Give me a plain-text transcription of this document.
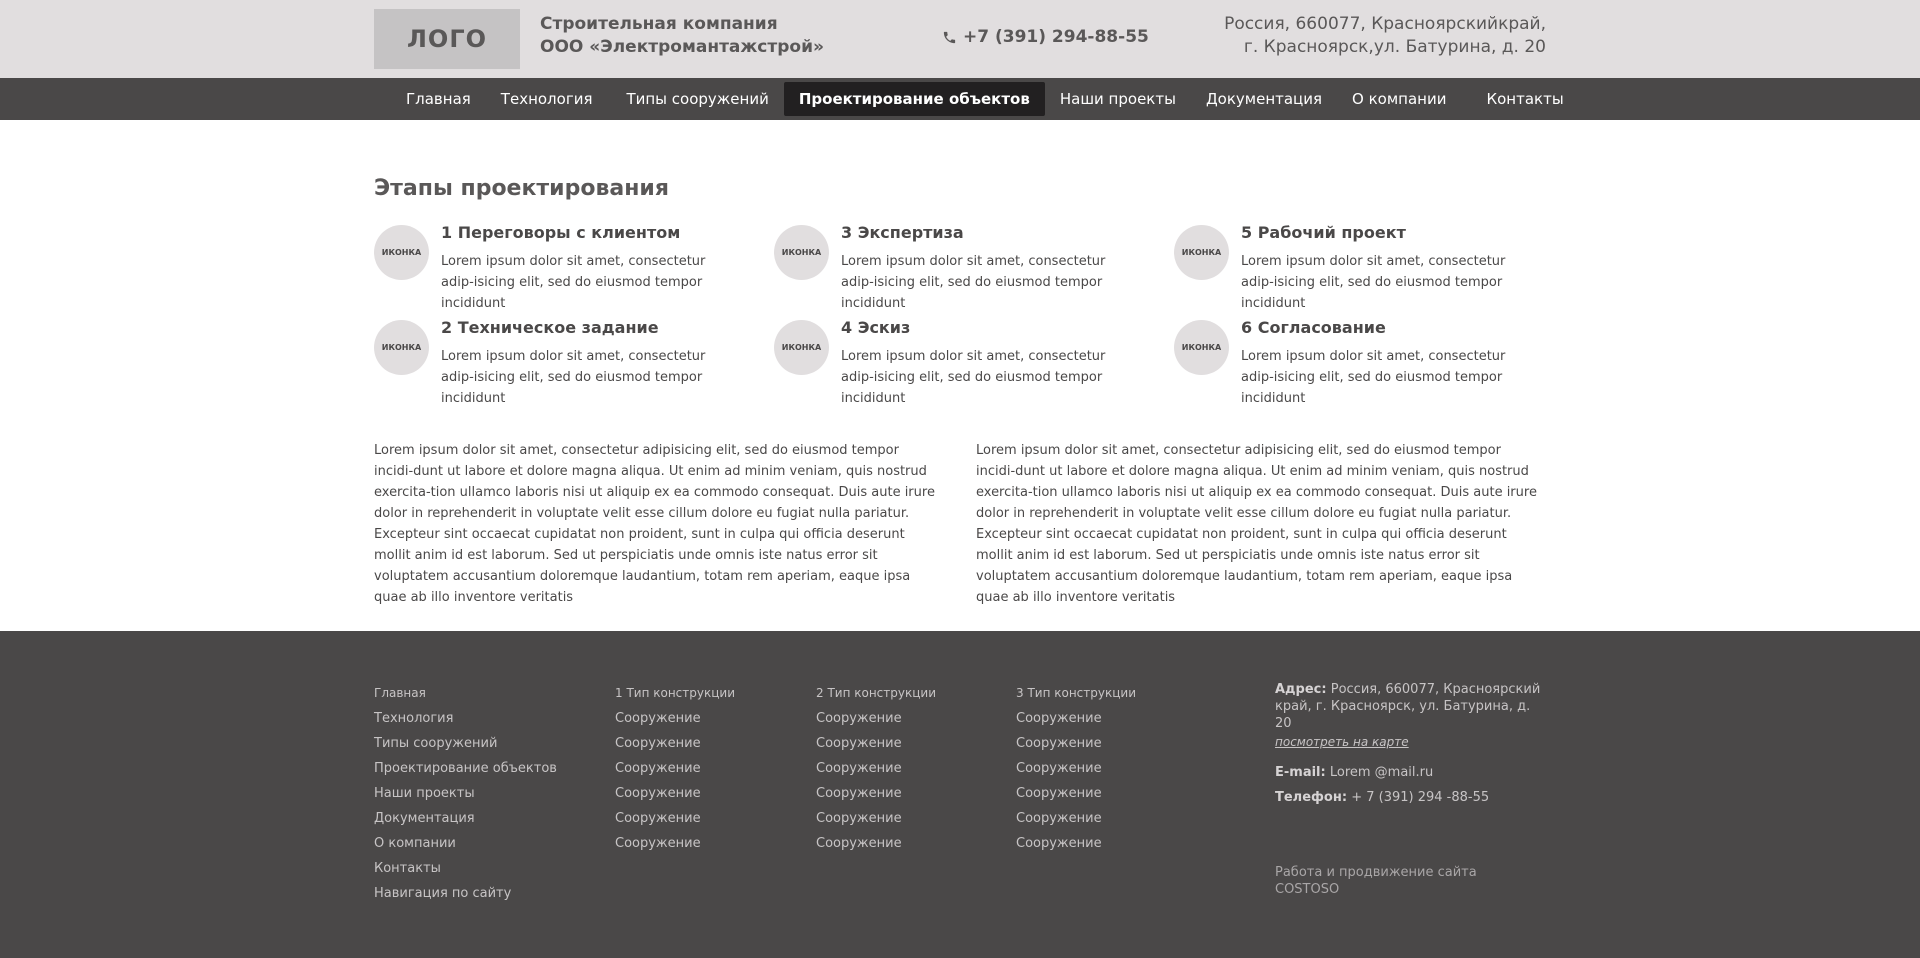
ЛОГО
Строительная компания
ООО «Электромантажстрой»	+7 (391) 294-88-55
Россия, 660077, Красноярскийкрай,
г. Красноярск,ул. Батурина, д. 20
Главная	Технология	Типы сооружений	Проектирование объектов	Наши проекты	Документация	О компании	Контакты
Этапы проектирования
ИКОНКА
1 Переговоры с клиентом
Lorem ipsum dolor sit amet, consectetur adip-isicing elit, sed do eiusmod tempor incididunt
ИКОНКА
3 Экспертиза
Lorem ipsum dolor sit amet, consectetur adip-isicing elit, sed do eiusmod tempor incididunt
ИКОНКА
5 Рабочий проект
Lorem ipsum dolor sit amet, consectetur adip-isicing elit, sed do eiusmod tempor incididunt
ИКОНКА
2 Техническое задание
Lorem ipsum dolor sit amet, consectetur adip-isicing elit, sed do eiusmod tempor incididunt
ИКОНКА
4 Эскиз
Lorem ipsum dolor sit amet, consectetur adip-isicing elit, sed do eiusmod tempor incididunt
ИКОНКА
6 Согласование
Lorem ipsum dolor sit amet, consectetur adip-isicing elit, sed do eiusmod tempor incididunt
Lorem ipsum dolor sit amet, consectetur adipisicing elit, sed do eiusmod tempor incidi-dunt ut labore et dolore magna aliqua. Ut enim ad minim veniam, quis nostrud exercita-tion ullamco laboris nisi ut aliquip ex ea commodo consequat. Duis aute irure dolor in reprehenderit in voluptate velit esse cillum dolore eu fugiat nulla pariatur. Excepteur sint occaecat cupidatat non proident, sunt in culpa qui officia deserunt mollit anim id est laborum. Sed ut perspiciatis unde omnis iste natus error sit voluptatem accusantium doloremque laudantium, totam rem aperiam, eaque ipsa quae ab illo inventore veritatis
Lorem ipsum dolor sit amet, consectetur adipisicing elit, sed do eiusmod tempor incidi-dunt ut labore et dolore magna aliqua. Ut enim ad minim veniam, quis nostrud exercita-tion ullamco laboris nisi ut aliquip ex ea commodo consequat. Duis aute irure dolor in reprehenderit in voluptate velit esse cillum dolore eu fugiat nulla pariatur. Excepteur sint occaecat cupidatat non proident, sunt in culpa qui officia deserunt mollit anim id est laborum. Sed ut perspiciatis unde omnis iste natus error sit voluptatem accusantium doloremque laudantium, totam rem aperiam, eaque ipsa quae ab illo inventore veritatis
Главная
Технология
Типы сооружений
Проектирование объектов
Наши проекты
Документация
О компании
Контакты
Навигация по сайту
1 Тип конструкции
Сооружение
Сооружение
Сооружение
Сооружение
Сооружение
Сооружение
2 Тип конструкции
Сооружение
Сооружение
Сооружение
Сооружение
Сооружение
Сооружение
3 Тип конструкции
Сооружение
Сооружение
Сооружение
Сооружение
Сооружение
Сооружение
Адрес: Россия, 660077, Красноярский край, г. Красноярск, ул. Батурина, д. 20
посмотреть на карте
E-mail: Lorem @mail.ru
Телефон: + 7 (391) 294 -88-55
Работа и продвижение сайта
COSTOSO
